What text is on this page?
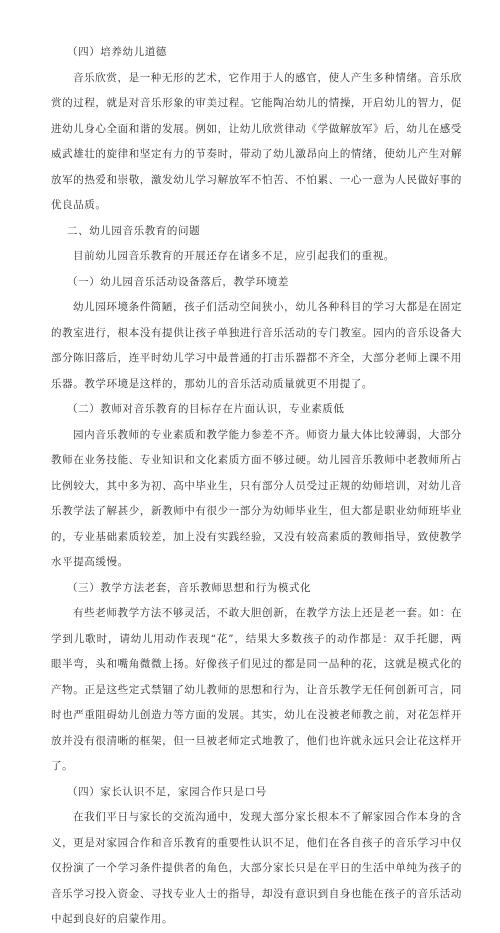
（四）培养幼儿道德

音乐欣赏，是一种无形的艺术，它作用于人的感官，使人产生多种情绪。音乐欣赏的过程，就是对音乐形象的审美过程。它能陶冶幼儿的情操，开启幼儿的智力，促进幼儿身心全面和谐的发展。例如，让幼儿欣赏律动《学做解放军》后，幼儿在感受威武雄壮的旋律和坚定有力的节奏时，带动了幼儿激昂向上的情绪，使幼儿产生对解放军的热爱和崇敬，激发幼儿学习解放军不怕苦、不怕累、一心一意为人民做好事的优良品质。

二、幼儿园音乐教育的问题

目前幼儿园音乐教育的开展还存在诸多不足，应引起我们的重视。

（一）幼儿园音乐活动设备落后，教学环境差

幼儿园环境条件简陋，孩子们活动空间狭小，幼儿各种科目的学习大都是在固定的教室进行，根本没有提供让孩子单独进行音乐活动的专门教室。园内的音乐设备大部分陈旧落后，连平时幼儿学习中最普通的打击乐器都不齐全，大部分老师上课不用乐器。教学环境是这样的，那幼儿的音乐活动质量就更不用提了。

（二）教师对音乐教育的目标存在片面认识，专业素质低

园内音乐教师的专业素质和教学能力参差不齐。师资力量大体比较薄弱，大部分教师在业务技能、专业知识和文化素质方面不够过硬。幼儿园音乐教师中老教师所占比例较大，其中多为初、高中毕业生，只有部分人员受过正规的幼师培训，对幼儿音乐教学法了解甚少，新教师中有很少一部分为幼师毕业生，但大都是职业幼师班毕业的，专业基础素质较差，加上没有实践经验，又没有较高素质的教师指导，致使教学水平提高缓慢。

（三）教学方法老套，音乐教师思想和行为模式化

有些老师教学方法不够灵活，不敢大胆创新，在教学方法上还是老一套。如：在学到儿歌时，请幼儿用动作表现“花”，结果大多数孩子的动作都是：双手托腮，两眼半弯，头和嘴角微微上扬。好像孩子们见过的都是同一品种的花，这就是模式化的产物。正是这些定式禁锢了幼儿教师的思想和行为，让音乐教学无任何创新可言，同时也严重阻碍幼儿创造力等方面的发展。其实，幼儿在没被老师教之前，对花怎样开放并没有很清晰的框架，但一旦被老师定式地教了，他们也许就永远只会让花这样开了。

（四）家长认识不足，家园合作只是口号

在我们平日与家长的交流沟通中，发现大部分家长根本不了解家园合作本身的含义，更是对家园合作和音乐教育的重要性认识不足，他们在各自孩子的音乐学习中仅仅扮演了一个学习条件提供者的角色，大部分家长只是在平日的生活中单纯为孩子的音乐学习投入资金、寻找专业人士的指导，却没有意识到自身也能在孩子的音乐活动中起到良好的启蒙作用。
